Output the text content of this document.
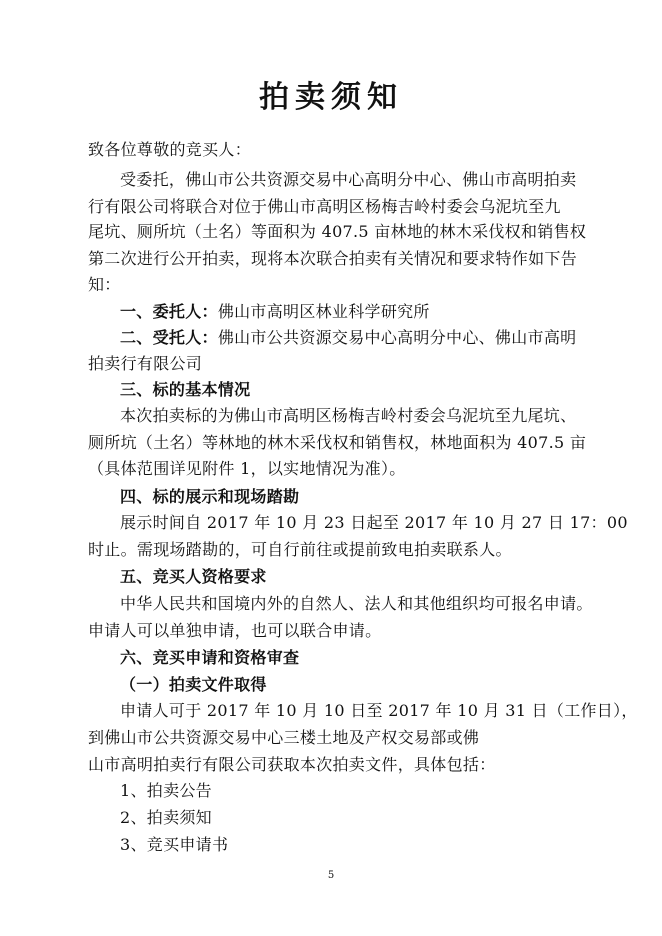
拍卖须知
致各位尊敬的竞买人：
受委托，佛山市公共资源交易中心高明分中心、佛山市高明拍卖
行有限公司将联合对位于佛山市高明区杨梅吉岭村委会乌泥坑至九
尾坑、厕所坑（土名）等面积为 407.5 亩林地的林木采伐权和销售权
第二次进行公开拍卖，现将本次联合拍卖有关情况和要求特作如下告
知：
一、委托人：佛山市高明区林业科学研究所
二、受托人：佛山市公共资源交易中心高明分中心、佛山市高明
拍卖行有限公司
三、标的基本情况
本次拍卖标的为佛山市高明区杨梅吉岭村委会乌泥坑至九尾坑、
厕所坑（土名）等林地的林木采伐权和销售权，林地面积为 407.5 亩
（具体范围详见附件 1，以实地情况为准）。
四、标的展示和现场踏勘
展示时间自 2017 年 10 月 23 日起至 2017 年 10 月 27 日 17：00
时止。需现场踏勘的，可自行前往或提前致电拍卖联系人。
五、竞买人资格要求
中华人民共和国境内外的自然人、法人和其他组织均可报名申请。
申请人可以单独申请，也可以联合申请。
六、竞买申请和资格审查
（一）拍卖文件取得
申请人可于 2017 年 10 月 10 日至 2017 年 10 月 31 日（工作日），
到佛山市公共资源交易中心三楼土地及产权交易部或佛
山市高明拍卖行有限公司获取本次拍卖文件，具体包括：
1、拍卖公告
2、拍卖须知
3、竞买申请书
5
